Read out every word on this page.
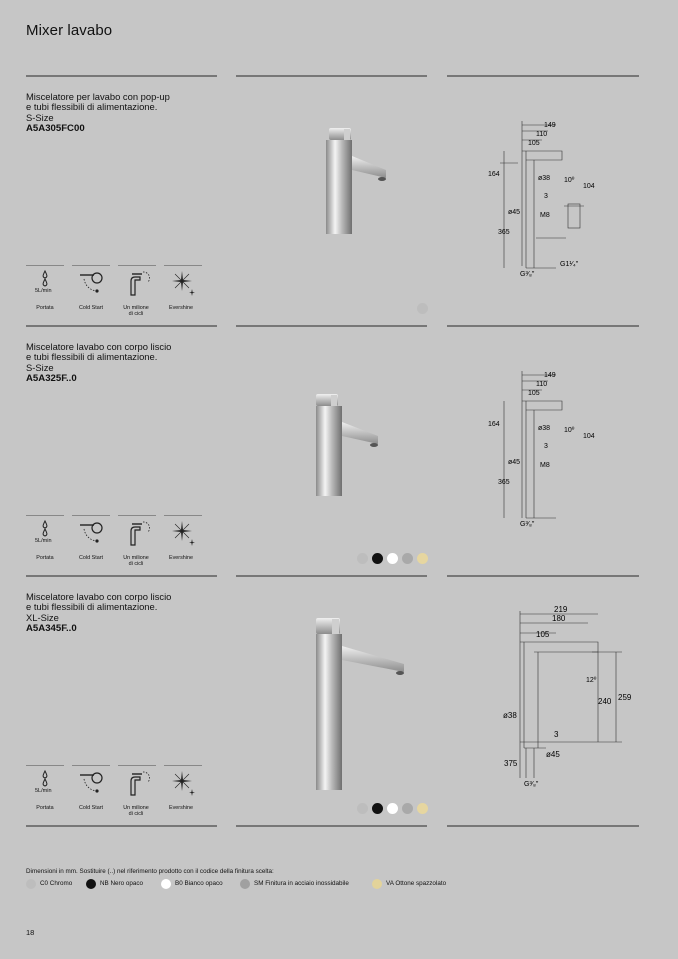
Mixer lavabo
Miscelatore per lavabo con pop-up
e tubi flessibili di alimentazione.
S-Size
A5A305FC00
5L/min
Portata	Cold Start	Un milione
di cicli
Evershine
149
110
105
164
ø38 10º
104
3
ø45	M8
365
G³⁄₈"
G1¹⁄₄"
Miscelatore lavabo con corpo liscio
e tubi flessibili di alimentazione.
S-Size
A5A325F..0
5L/min
Portata	Cold Start	Un milione
di cicli
Evershine
149
110
105
164
ø38 10º
104
3
ø45	M8
365
G³⁄₈"
Miscelatore lavabo con corpo liscio
e tubi flessibili di alimentazione.
XL-Size
A5A345F..0
5L/min
Portata	Cold Start	Un milione
di cicli
Evershine
219
180
105
12º
240 259
ø38
3
ø45
375
G³⁄₈"
Dimensioni in mm. Sostituire (..) nel riferimento prodotto con il codice della finitura scelta:
C0 Chromo	NB Nero opaco	B0 Bianco opaco	SM Finitura in acciaio inossidabile	VA Ottone spazzolato
18
